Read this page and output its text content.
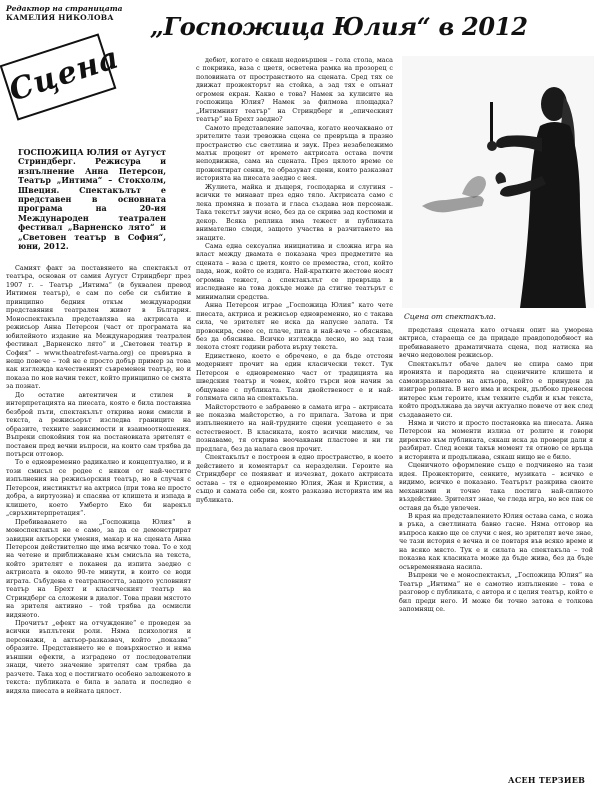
Редактор на страницата
КАМЕЛИЯ НИКОЛОВА	„Госпожица Юлия“ в 2012
Сцена
ГОСПОЖИЦА ЮЛИЯ от Аугуст Стриндберг. Режисура и изпълнение Анна Петерсон, Театър „Интима“ – Стокхолм, Швеция. Спектакълът е представен в основната програма на 20-ия Международен театрален фестивал „Варненско лято“ и „Световен театър в София“, юни, 2012.

Самият факт за поставянето на спектакъл от театъра, основан от самия Аугуст Стриндберг през 1907 г. – Театър „Интима“ (в буквален превод Интимен театър), е сам по себе си събитие в принципно бедния откъм международни представяния театрален живот в България. Моноспектакъла представлява на актрисата и режисьор Анна Петерсон (част от програмата на юбилейното издание на Международния театрален фестивал „Варненско лято“ и „Световен театър в София“ – www.theatrefest-varna.org) се превърна в нещо повече – той не е просто добър пример за това как изглежда качественият съвременен театър, но и показа по нов начин текст, който принципно се смята за познат.

До остатие автентичен и стилен в интерпретацията на пиесата, която е била поставяна безброй пъти, спектакълът открива нови смисли в текста, а режисьорът изследва границите на образите, техните зависимости и взаимоотношения. Въпреки спокойния тон на постановката зрителят е поставен пред вечни въпроси, на които сам трябва да потърси отговор.

То е едновременно радикално и концептуално, и в този смисъл се родее с някои от най-честите изпълнения на режисьорския театър, но в случая с Петерсон, инстинктът на актриса (при това не просто добра, а виртуозна) и спасява от клишета и изпада в клишето, което Умберто Еко би нарекъл „свръхинтерпретация“.

Пребиваването на „Госпожица Юлия“ в моноспектакъл не е само, за да се демонстрират завидни актьорски умения, макар и на сцената Анна Петерсон действително ще има всичко това. То е ход на четене и приближаване към смисъла на текста, който зрителят е поканен да изпита заедно с актрисата в около 90-те минути, в които се води играта. Събудена е театралността, защото условният театър на Брехт и класическият театър на Стриндберг са сложени в диалог. Това прави мястото на зрителя активно – той трябва да осмисли видяното.

Прочитът „ефект на отчуждение“ е проведен за всички въплътени роли. Няма психология и персонажи, а актьор-разказвач, който „показва“ образите. Представянето не е повърхностно и няма външни ефекти, а изградено от последователни знаци, чието значение зрителят сам трябва да разчете. Така ход е постигнато особено заложеното в текста: публиката е била в залата и последно е видяла пиесата в нейната цялост.

дебют, когато е сякаш недовършен – гола стола, маса с покривка, ваза с цветя, осветена рамка на прозорец с половината от пространството на сцената. Сред тях се движат прожекторът на стойка, а зад тях е опънат огромен екран. Какво е това? Намек за кулисите на госпожица Юлия? Намек за филмова площадка? „Интимният театър“ на Стриндберг и „епическият театър“ на Брехт заедно?

Самото представление започва, когато неочаквано от зрителите тази тревожна сцена се превръща в празно пространство със светлина и звук. През незабележимо малък процент от времето актрисата остава почти неподвижна, сама на сцената. През цялото време се прожектират сенки, те образуват сцени, които разказват историята на пиесата заедно с нея.

Жулиета, майка и дъщеря, господарка и слугиня – всички те минават през едно тяло. Актрисата само с лека промяна в позата и гласа създава нов персонаж. Така текстът звучи ясно, без да се скрива зад костюми и декор. Всяка реплика има тежест и публиката внимателно следи, защото участва в разчитането на знаците.

Сама една сексуална инициатива и сложна игра на власт между двамата е показана чрез предметите на сцената – ваза с цветя, която се премества, стол, който пада, нож, който се издига. Най-кратките жестове носят огромна тежест, а спектакълът се превръща в изследване на това докъде може да стигне театърът с минимални средства.

Анна Петерсон играе „Госпожица Юлия“ като чете пиесата, актриса и режисьор едновременно, но с такава сила, че зрителят не иска да напусне залата. Тя провокира, смее се, плаче, пита и най-вече – обяснява, без да обяснява. Всичко изглежда лесно, но зад тази лекота стоят години работа върху текста.

Единствено, което е обречено, е да бъде отстоян модерният прочит на един класически текст. Тук Петерсон е едновременно част от традицията на шведския театър и човек, който търси нов начин за общуване с публиката. Тази двойственост е и най-голямата сила на спектакъла.

Майсторството е забравено в самата игра – актрисата не показва майсторство, а го прилага. Затова и при изпълнението на най-трудните сцени усещането е за естественост. В класиката, която всички мислим, че познаваме, тя открива неочаквани пластове и ни ги предлага, без да налага своя прочит.

Спектакълът е построен в едно пространство, в което действието и коментарът са неразделни. Героите на Стриндберг се появяват и изчезват, докато актрисата остава – тя е едновременно Юлия, Жан и Кристин, а също и самата себе си, която разказва историята им на публиката.

Сцена от спектакъла.

представя сцената като отчаян опит на уморена актриса, стараеща се да придаде правдоподобност на пребиваването драматичната сцена, под натиска на вечно недоволен режисьор.

Спектакълът обаче далеч не спира само при иронията и пародията на сценичните клишета и самоизразяването на актьора, който е принуден да изиграе ролята. В него има и искрен, дълбоко пренесен интерес към героите, към техните съдби и към текста, който продължава да звучи актуално повече от век след създаването си.

Няма и чисто и просто постановка на пиесата. Анна Петерсон на моменти излиза от ролите и говори директно към публиката, сякаш иска да провери дали я разбират. След всеки такъв момент тя отново се връща в историята и продължава, сякаш нищо не е било.

Сценичното оформление също е подчинено на тази идея. Прожекторите, сенките, музиката – всичко е видимо, всичко е показано. Театърът разкрива своите механизми и точно така постига най-силното въздействие. Зрителят знае, че гледа игра, но все пак се оставя да бъде увлечен.

В края на представлението Юлия остава сама, с ножа в ръка, а светлината бавно гасне. Няма отговор на въпроса какво ще се случи с нея, но зрителят вече знае, че тази история е вечна и се повтаря във всяко време и на всяко място. Тук е и силата на спектакъла – той показва как класиката може да бъде жива, без да бъде осъвременявана насила.

Въпреки че е моноспектакъл, „Госпожица Юлия“ на Театър „Интима“ не е самотно изпълнение – това е разговор с публиката, с автора и с целия театър, който е бил преди него. И може би точно затова е толкова запомнящ се.

АСЕН ТЕРЗИЕВ
